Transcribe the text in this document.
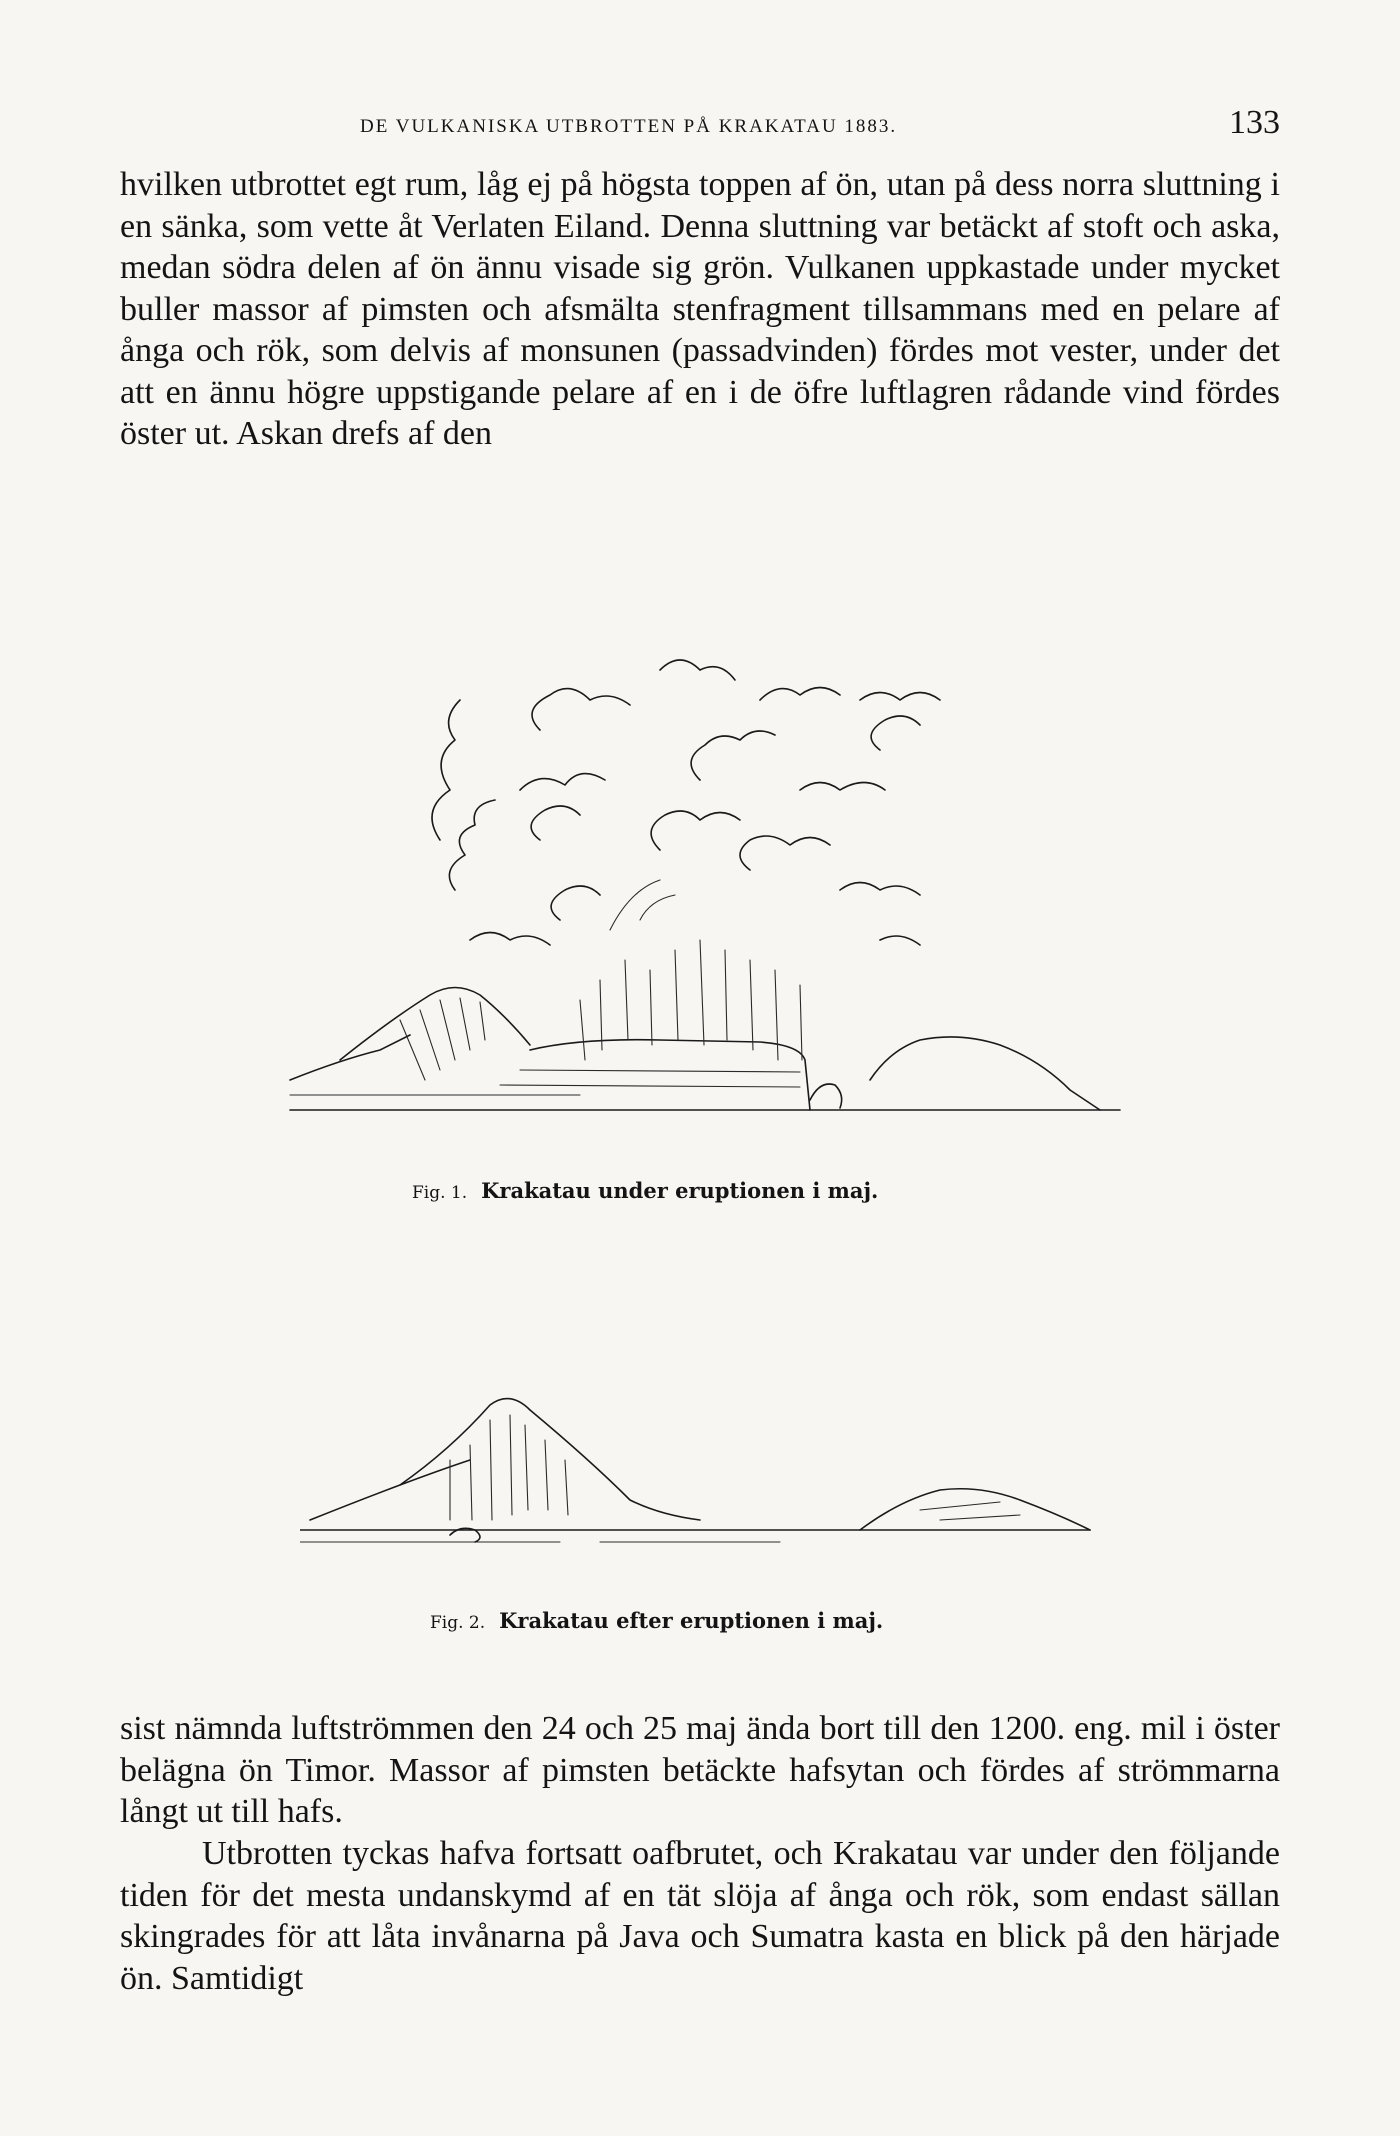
DE VULKANISKA UTBROTTEN PÅ KRAKATAU 1883.	133

hvilken utbrottet egt rum, låg ej på högsta toppen af ön, utan på dess norra sluttning i en sänka, som vette åt Verlaten Eiland. Denna sluttning var betäckt af stoft och aska, medan södra delen af ön ännu visade sig grön. Vulkanen uppkastade under mycket buller massor af pimsten och afsmälta stenfragment tillsammans med en pelare af ånga och rök, som delvis af monsunen (passadvinden) fördes mot vester, under det att en ännu högre uppstigande pelare af en i de öfre luftlagren rådande vind fördes öster ut. Askan drefs af den

Fig. 1. Krakatau under eruptionen i maj.
Fig. 2. Krakatau efter eruptionen i maj.

sist nämnda luftströmmen den 24 och 25 maj ända bort till den 1200. eng. mil i öster belägna ön Timor. Massor af pimsten betäckte hafsytan och fördes af strömmarna långt ut till hafs.

Utbrotten tyckas hafva fortsatt oafbrutet, och Krakatau var under den följande tiden för det mesta undanskymd af en tät slöja af ånga och rök, som endast sällan skingrades för att låta invånarna på Java och Sumatra kasta en blick på den härjade ön. Samtidigt
